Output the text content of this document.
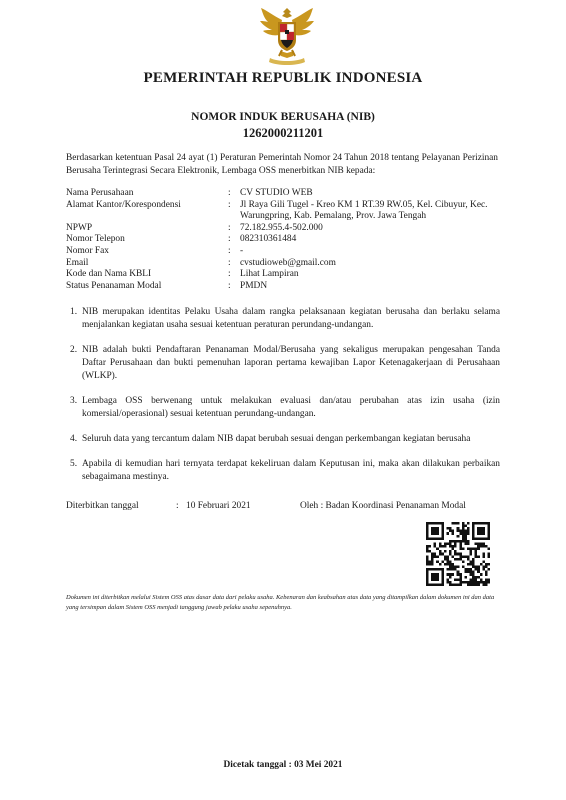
PEMERINTAH REPUBLIK INDONESIA
NOMOR INDUK BERUSAHA (NIB)
1262000211201
Berdasarkan ketentuan Pasal 24 ayat (1) Peraturan Pemerintah Nomor 24 Tahun 2018 tentang Pelayanan Perizinan Berusaha Terintegrasi Secara Elektronik, Lembaga OSS menerbitkan NIB kepada:
Nama Perusahaan	: CV STUDIO WEB
Alamat Kantor/Korespondensi	: Jl Raya Gili Tugel - Kreo KM 1 RT.39 RW.05, Kel. Cibuyur, Kec. Warungpring, Kab. Pemalang, Prov. Jawa Tengah
NPWP	: 72.182.955.4-502.000
Nomor Telepon	: 082310361484
Nomor Fax	: -
Email	: cvstudioweb@gmail.com
Kode dan Nama KBLI	: Lihat Lampiran
Status Penanaman Modal	: PMDN
1. NIB merupakan identitas Pelaku Usaha dalam rangka pelaksanaan kegiatan berusaha dan berlaku selama menjalankan kegiatan usaha sesuai ketentuan peraturan perundang-undangan.
2. NIB adalah bukti Pendaftaran Penanaman Modal/Berusaha yang sekaligus merupakan pengesahan Tanda Daftar Perusahaan dan bukti pemenuhan laporan pertama kewajiban Lapor Ketenagakerjaan di Perusahaan (WLKP).
3. Lembaga OSS berwenang untuk melakukan evaluasi dan/atau perubahan atas izin usaha (izin komersial/operasional) sesuai ketentuan perundang-undangan.
4. Seluruh data yang tercantum dalam NIB dapat berubah sesuai dengan perkembangan kegiatan berusaha
5. Apabila di kemudian hari ternyata terdapat kekeliruan dalam Keputusan ini, maka akan dilakukan perbaikan sebagaimana mestinya.
Diterbitkan tanggal	: 10 Februari 2021	Oleh : Badan Koordinasi Penanaman Modal
Dokumen ini diterbitkan melalui Sistem OSS atas dasar data dari pelaku usaha. Kebenaran dan keabsahan atas data yang ditampilkan dalam dokumen ini dan data yang tersimpan dalam Sistem OSS menjadi tanggung jawab pelaku usaha sepenuhnya.
Dicetak tanggal : 03 Mei 2021
